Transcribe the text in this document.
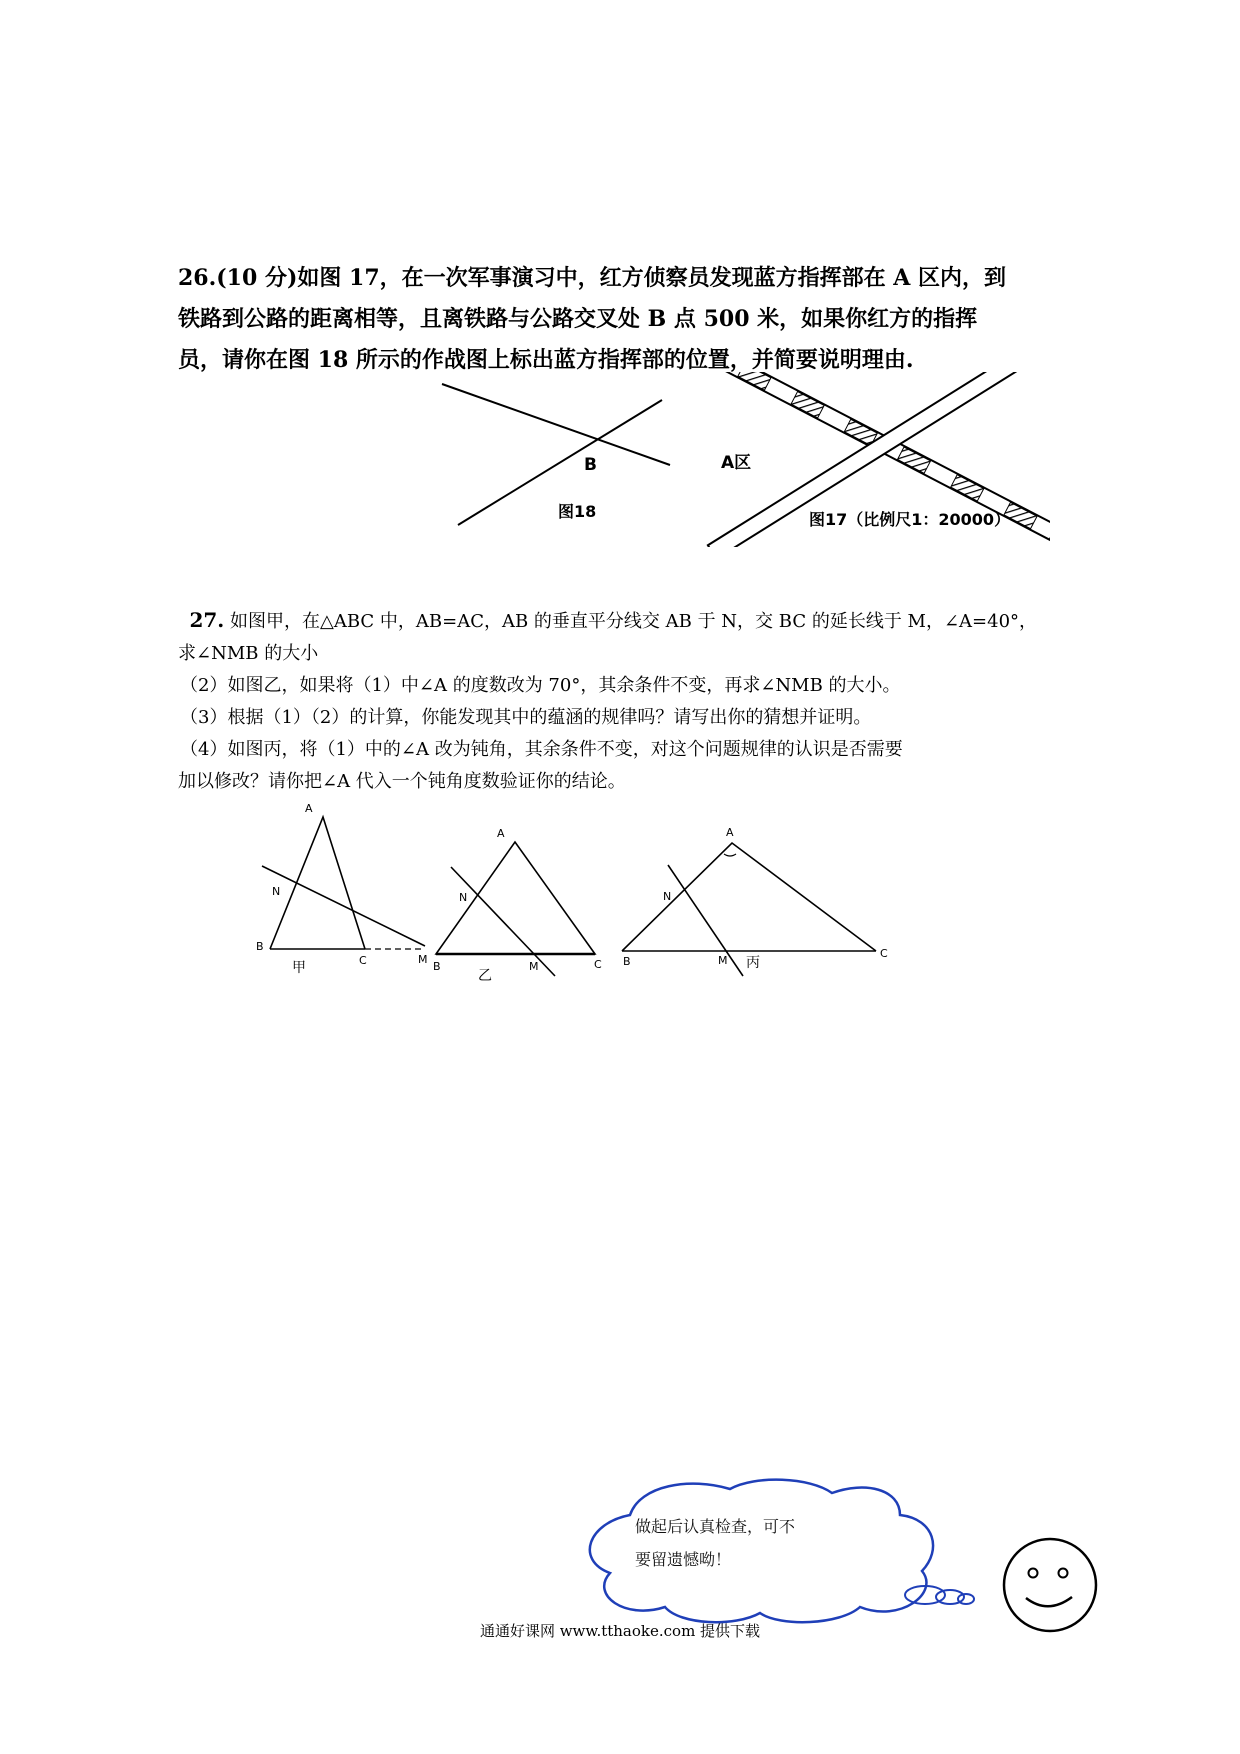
26.(10 分)如图 17，在一次军事演习中，红方侦察员发现蓝方指挥部在 A 区内，到

铁路到公路的距离相等，且离铁路与公路交叉处 B 点 500 米，如果你红方的指挥

员，请你在图 18 所示的作战图上标出蓝方指挥部的位置，并简要说明理由.

B
图18
A区
图17（比例尺1：20000）

27. 如图甲，在△ABC 中，AB=AC，AB 的垂直平分线交 AB 于 N，交 BC 的延长线于 M，∠A=40°，

求∠NMB 的大小

（2）如图乙，如果将（1）中∠A 的度数改为 70°，其余条件不变，再求∠NMB 的大小。

（3）根据（1）（2）的计算，你能发现其中的蕴涵的规律吗？请写出你的猜想并证明。

（4）如图丙，将（1）中的∠A 改为钝角，其余条件不变，对这个问题规律的认识是否需要

加以修改？请你把∠A 代入一个钝角度数验证你的结论。

A
N
B
C	M
甲
A
N
B	C
M
乙
A
N
B
C
M 丙
做起后认真检查，可不
要留遗憾呦！
通通好课网 www.tthaoke.com 提供下载
